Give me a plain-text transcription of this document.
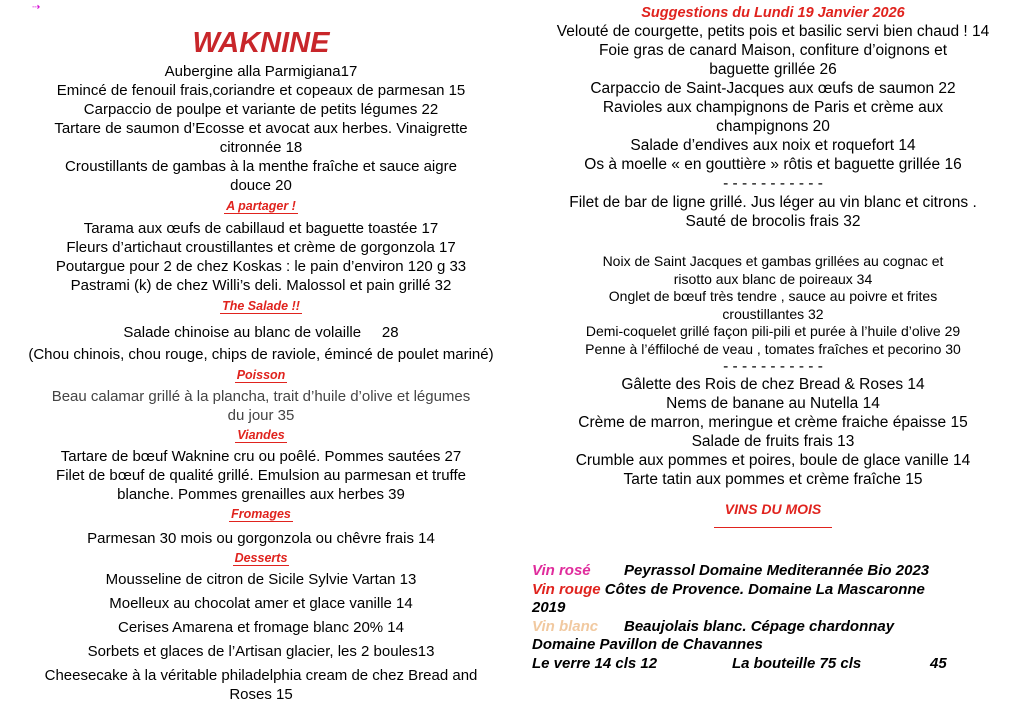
⇢
WAKNINE
Aubergine alla Parmigiana17
Emincé de fenouil frais,coriandre et copeaux de parmesan 15
Carpaccio de poulpe et variante de petits légumes 22
Tartare de saumon d’Ecosse et avocat aux herbes. Vinaigrette
citronnée 18
Croustillants de gambas à la menthe fraîche et sauce aigre
douce 20
A partager !
Tarama aux œufs de cabillaud et baguette toastée 17
Fleurs d’artichaut croustillantes et crème de gorgonzola 17
Poutargue pour 2 de chez Koskas : le pain d’environ 120 g 33
Pastrami (k) de chez Willi’s deli. Malossol et pain grillé 32
The Salade !!
Salade chinoise au blanc de volaille     28
(Chou chinois, chou rouge, chips de raviole, émincé de poulet mariné)
Poisson
Beau calamar grillé à la plancha, trait d’huile d’olive et légumes
du jour 35
Viandes
Tartare de bœuf Waknine cru ou poêlé. Pommes sautées 27
Filet de bœuf de qualité grillé. Emulsion au parmesan et truffe
blanche. Pommes grenailles aux herbes 39
Fromages
Parmesan 30 mois ou gorgonzola ou chêvre frais 14
Desserts
Mousseline de citron de Sicile Sylvie Vartan 13
Moelleux au chocolat amer et glace vanille 14
Cerises Amarena et fromage blanc 20% 14
Sorbets et glaces de l’Artisan glacier, les 2 boules13
Cheesecake à la véritable philadelphia cream de chez Bread and
Roses 15
Suggestions du Lundi 19 Janvier 2026
Velouté de courgette, petits pois et basilic servi bien chaud ! 14
Foie gras de canard Maison, confiture d’oignons et
baguette grillée 26
Carpaccio de Saint-Jacques aux œufs de saumon 22
Ravioles aux champignons de Paris et crème aux
champignons 20
Salade d’endives aux noix et roquefort 14
Os à moelle « en gouttière » rôtis et baguette grillée 16
- - - - - - - - - - -
Filet de bar de ligne grillé. Jus léger au vin blanc et citrons .
Sauté de brocolis frais 32
Noix de Saint Jacques et gambas grillées au cognac et
risotto aux blanc de poireaux 34
Onglet de bœuf très tendre , sauce au poivre et frites
croustillantes 32
Demi-coquelet grillé façon pili-pili et purée à l’huile d’olive 29
Penne à l’éffiloché de veau , tomates fraîches et pecorino 30
- - - - - - - - - - -
Gâlette des Rois de chez Bread & Roses 14
Nems de banane au Nutella 14
Crème de marron, meringue et crème fraiche épaisse 15
Salade de fruits frais 13
Crumble aux pommes et poires, boule de glace vanille 14
Tarte tatin aux pommes et crème fraîche 15
VINS DU MOIS
Vin rosé Peyrassol Domaine Mediterannée Bio 2023
Vin rouge Côtes de Provence. Domaine La Mascaronne
2019
Vin blanc Beaujolais blanc. Cépage chardonnay
Domaine Pavillon de Chavannes
Le verre 14 cls 12	La bouteille 75 cls	45
